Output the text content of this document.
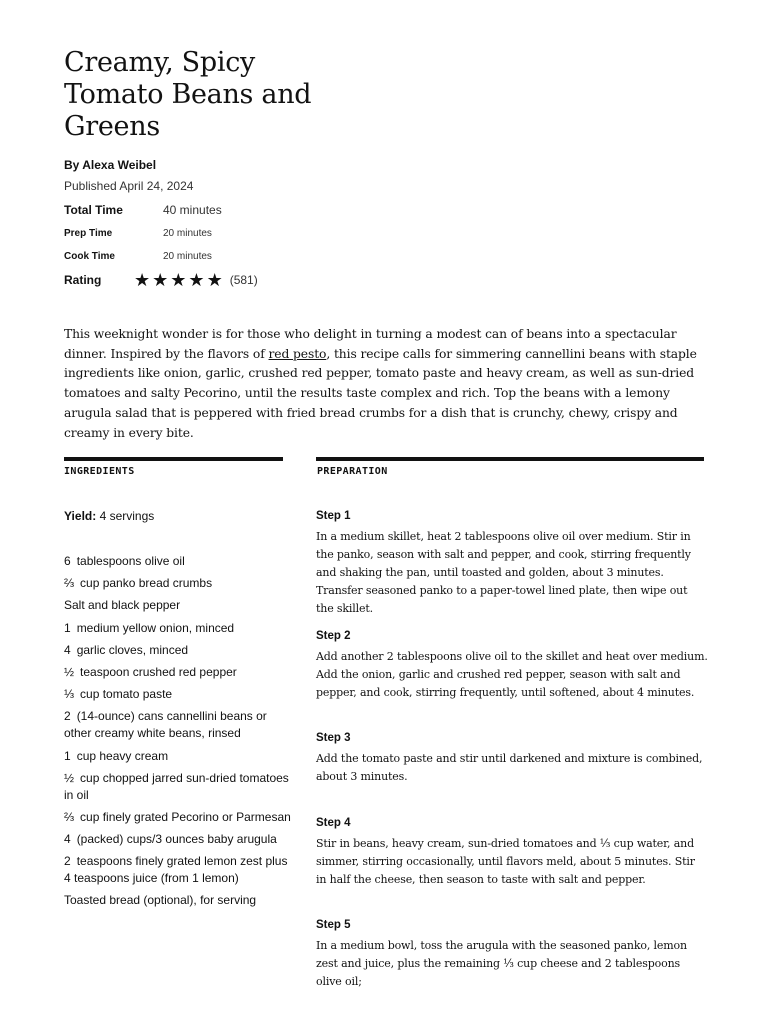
Creamy, Spicy Tomato Beans and Greens
By Alexa Weibel
Published April 24, 2024
Total Time	40 minutes
Prep Time	20 minutes
Cook Time	20 minutes
Rating	★ ★ ★ ★ ★ (581)

This weeknight wonder is for those who delight in turning a modest can of beans into a spectacular dinner. Inspired by the flavors of red pesto, this recipe calls for simmering cannellini beans with staple ingredients like onion, garlic, crushed red pepper, tomato paste and heavy cream, as well as sun-dried tomatoes and salty Pecorino, until the results taste complex and rich. Top the beans with a lemony arugula salad that is peppered with fried bread crumbs for a dish that is crunchy, chewy, crispy and creamy in every bite.

INGREDIENTS	PREPARATION
Yield: 4 servings
6 tablespoons olive oil
⅔ cup panko bread crumbs
Salt and black pepper
1 medium yellow onion, minced
4 garlic cloves, minced
½ teaspoon crushed red pepper
⅓ cup tomato paste
2 (14-ounce) cans cannellini beans or other creamy white beans, rinsed
1 cup heavy cream
½ cup chopped jarred sun-dried tomatoes in oil
⅔ cup finely grated Pecorino or Parmesan
4 (packed) cups/3 ounces baby arugula
2 teaspoons finely grated lemon zest plus 4 teaspoons juice (from 1 lemon)
Toasted bread (optional), for serving
Step 1

In a medium skillet, heat 2 tablespoons olive oil over medium. Stir in the panko, season with salt and pepper, and cook, stirring frequently and shaking the pan, until toasted and golden, about 3 minutes. Transfer seasoned panko to a paper-towel lined plate, then wipe out the skillet.

Step 2

Add another 2 tablespoons olive oil to the skillet and heat over medium. Add the onion, garlic and crushed red pepper, season with salt and pepper, and cook, stirring frequently, until softened, about 4 minutes.

Step 3

Add the tomato paste and stir until darkened and mixture is combined, about 3 minutes.

Step 4

Stir in beans, heavy cream, sun-dried tomatoes and ⅓ cup water, and simmer, stirring occasionally, until flavors meld, about 5 minutes. Stir in half the cheese, then season to taste with salt and pepper.

Step 5

In a medium bowl, toss the arugula with the seasoned panko, lemon zest and juice, plus the remaining ⅓ cup cheese and 2 tablespoons olive oil;
